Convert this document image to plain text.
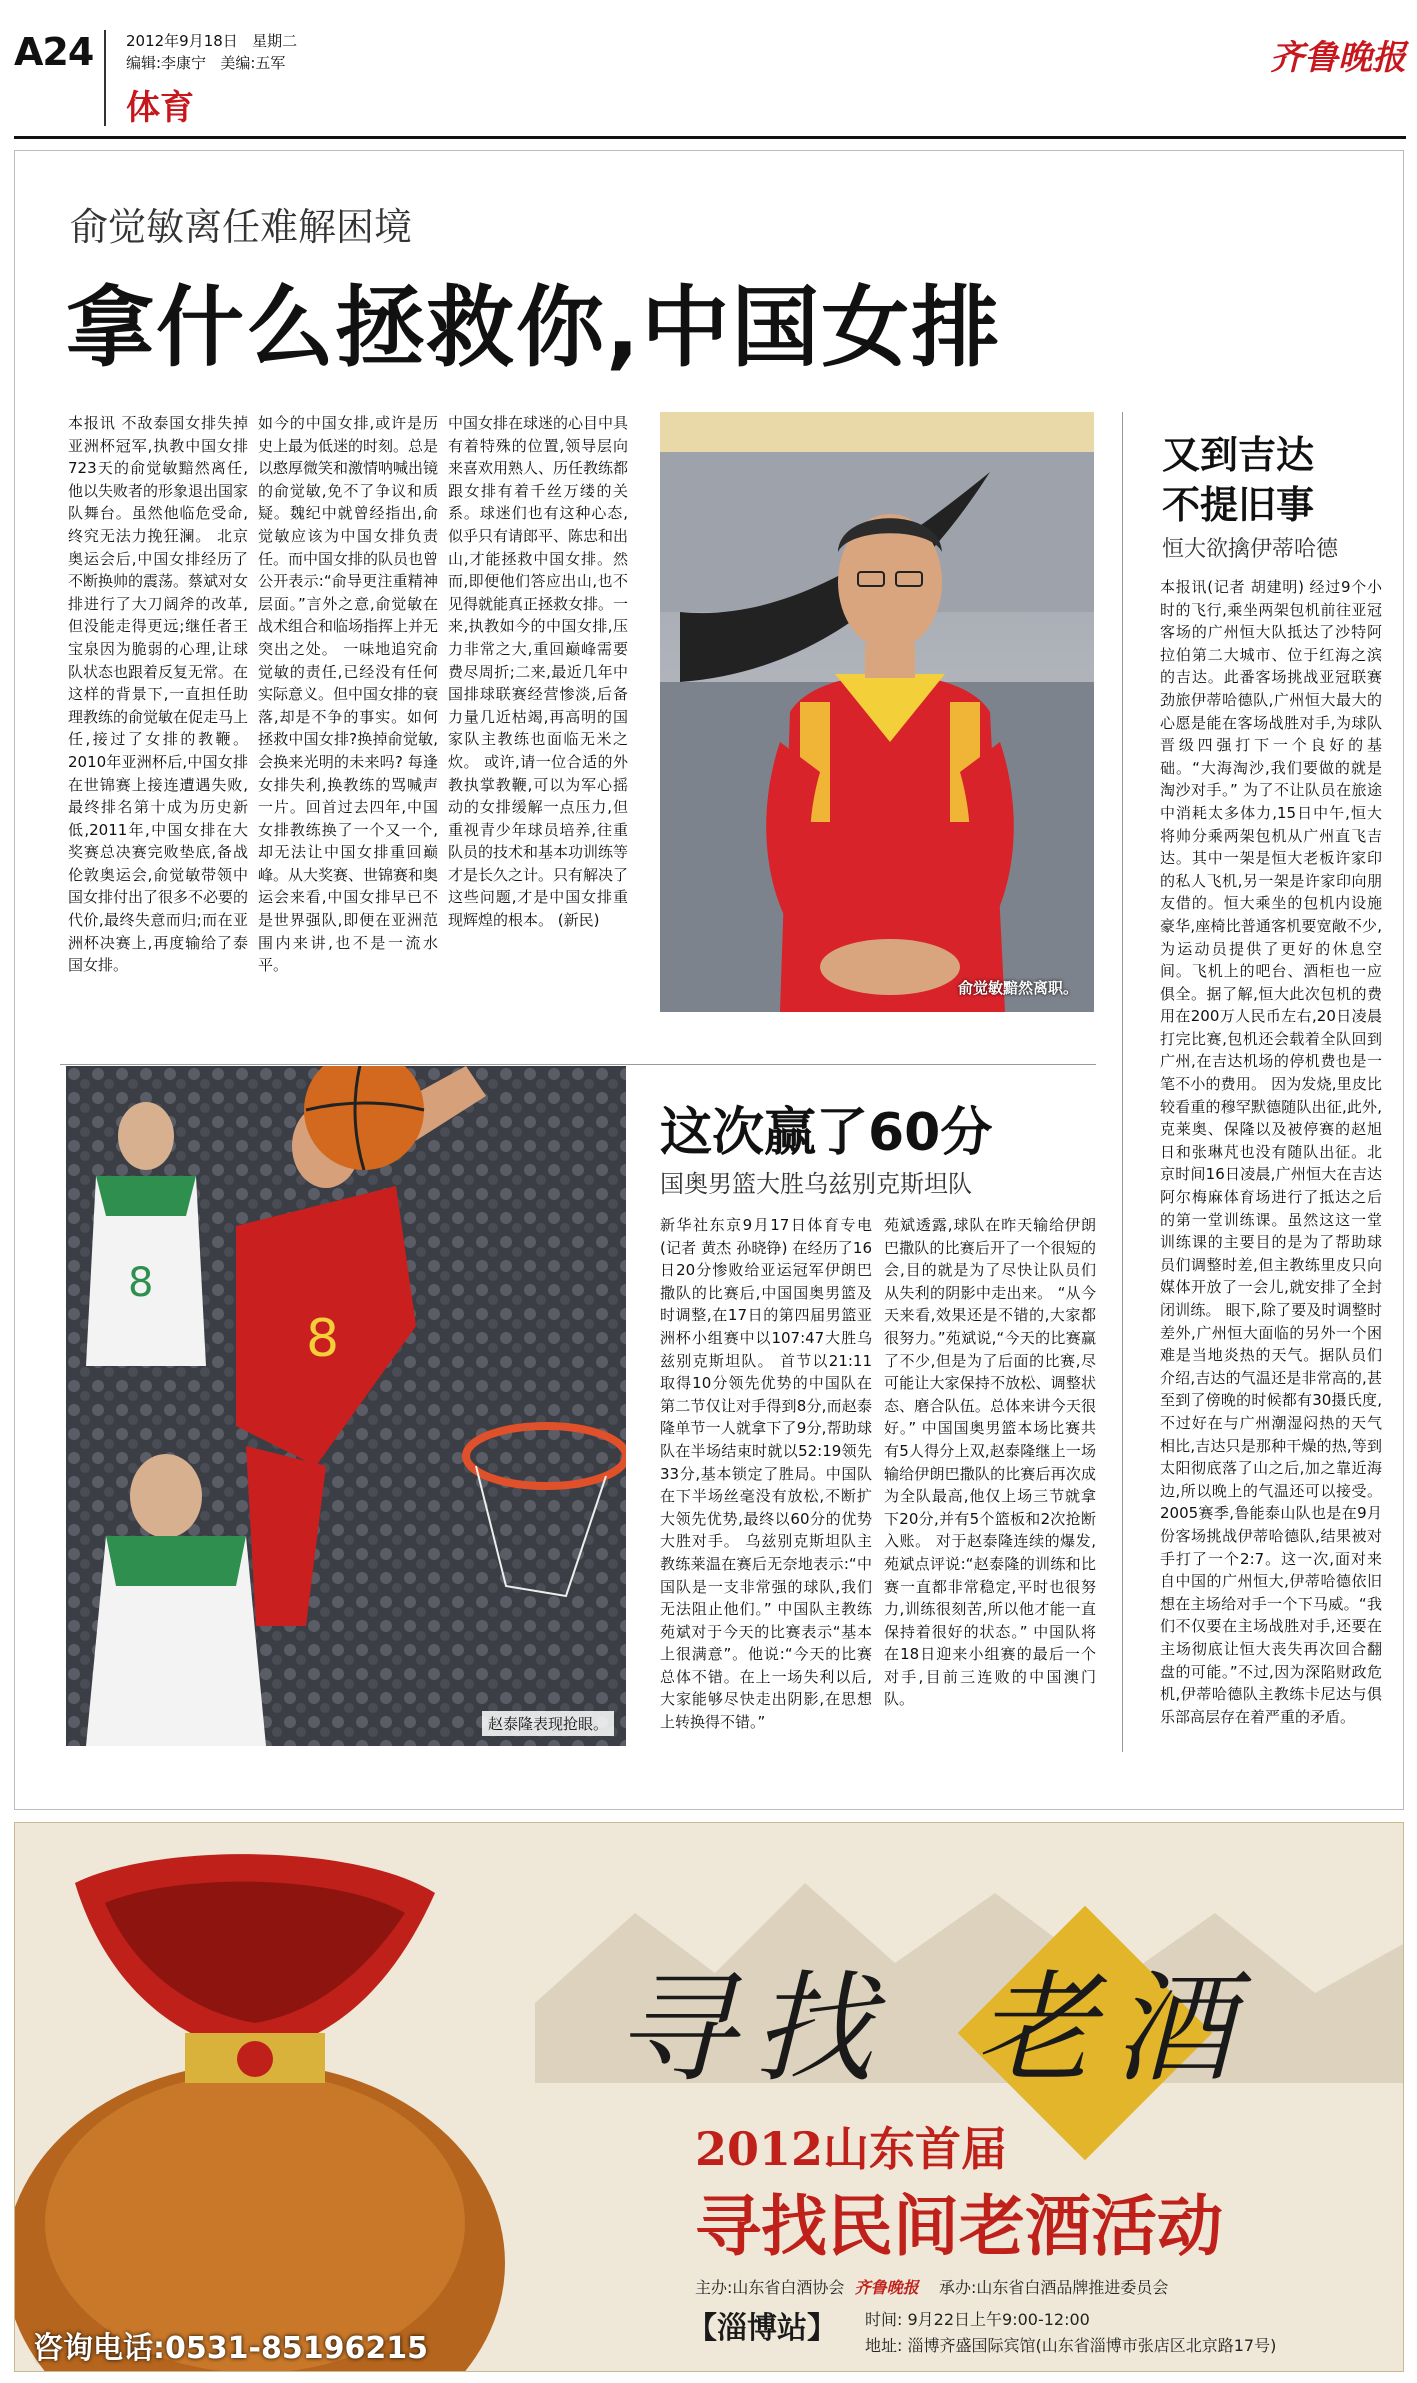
A24 2012年9月18日 星期二
编辑:李康宁 美编:五军
体育
齐鲁晚报
俞觉敏离任难解困境
拿什么拯救你,中国女排
本报讯 不敌泰国女排失掉亚洲杯冠军,执教中国女排723天的俞觉敏黯然离任,他以失败者的形象退出国家队舞台。虽然他临危受命,终究无法力挽狂澜。 北京奥运会后,中国女排经历了不断换帅的震荡。蔡斌对女排进行了大刀阔斧的改革,但没能走得更远;继任者王宝泉因为脆弱的心理,让球队状态也跟着反复无常。在这样的背景下,一直担任助理教练的俞觉敏在促走马上任,接过了女排的教鞭。 2010年亚洲杯后,中国女排在世锦赛上接连遭遇失败,最终排名第十成为历史新低,2011年,中国女排在大奖赛总决赛完败垫底,备战伦敦奥运会,俞觉敏带领中国女排付出了很多不必要的代价,最终失意而归;而在亚洲杯决赛上,再度输给了泰国女排。
如今的中国女排,或许是历史上最为低迷的时刻。总是以憨厚微笑和激情呐喊出镜的俞觉敏,免不了争议和质疑。魏纪中就曾经指出,俞觉敏应该为中国女排负责任。而中国女排的队员也曾公开表示:“俞导更注重精神层面。”言外之意,俞觉敏在战术组合和临场指挥上并无突出之处。 一味地追究俞觉敏的责任,已经没有任何实际意义。但中国女排的衰落,却是不争的事实。如何拯救中国女排?换掉俞觉敏,会换来光明的未来吗? 每逢女排失利,换教练的骂喊声一片。回首过去四年,中国女排教练换了一个又一个,却无法让中国女排重回巅峰。从大奖赛、世锦赛和奥运会来看,中国女排早已不是世界强队,即便在亚洲范围内来讲,也不是一流水平。
中国女排在球迷的心目中具有着特殊的位置,领导层向来喜欢用熟人、历任教练都跟女排有着千丝万缕的关系。球迷们也有这种心态,似乎只有请郎平、陈忠和出山,才能拯救中国女排。然而,即便他们答应出山,也不见得就能真正拯救女排。一来,执教如今的中国女排,压力非常之大,重回巅峰需要费尽周折;二来,最近几年中国排球联赛经营惨淡,后备力量几近枯竭,再高明的国家队主教练也面临无米之炊。 或许,请一位合适的外教执掌教鞭,可以为军心摇动的女排缓解一点压力,但重视青少年球员培养,往重队员的技术和基本功训练等才是长久之计。只有解决了这些问题,才是中国女排重现辉煌的根本。 (新民)
俞觉敏黯然离职。
又到吉达
不提旧事
恒大欲擒伊蒂哈德
本报讯(记者 胡建明) 经过9个小时的飞行,乘坐两架包机前往亚冠客场的广州恒大队抵达了沙特阿拉伯第二大城市、位于红海之滨的吉达。此番客场挑战亚冠联赛劲旅伊蒂哈德队,广州恒大最大的心愿是能在客场战胜对手,为球队晋级四强打下一个良好的基础。“大海淘沙,我们要做的就是淘沙对手。” 为了不让队员在旅途中消耗太多体力,15日中午,恒大将帅分乘两架包机从广州直飞吉达。其中一架是恒大老板许家印的私人飞机,另一架是许家印向朋友借的。恒大乘坐的包机内设施豪华,座椅比普通客机要宽敞不少,为运动员提供了更好的休息空间。飞机上的吧台、酒柜也一应俱全。据了解,恒大此次包机的费用在200万人民币左右,20日凌晨打完比赛,包机还会载着全队回到广州,在吉达机场的停机费也是一笔不小的费用。 因为发烧,里皮比较看重的穆罕默德随队出征,此外,克莱奥、保隆以及被停赛的赵旭日和张琳芃也没有随队出征。北京时间16日凌晨,广州恒大在吉达阿尔梅麻体育场进行了抵达之后的第一堂训练课。虽然这这一堂训练课的主要目的是为了帮助球员们调整时差,但主教练里皮只向媒体开放了一会儿,就安排了全封闭训练。 眼下,除了要及时调整时差外,广州恒大面临的另外一个困难是当地炎热的天气。据队员们介绍,吉达的气温还是非常高的,甚至到了傍晚的时候都有30摄氏度,不过好在与广州潮湿闷热的天气相比,吉达只是那种干燥的热,等到太阳彻底落了山之后,加之靠近海边,所以晚上的气温还可以接受。 2005赛季,鲁能泰山队也是在9月份客场挑战伊蒂哈德队,结果被对手打了一个2:7。这一次,面对来自中国的广州恒大,伊蒂哈德依旧想在主场给对手一个下马威。“我们不仅要在主场战胜对手,还要在主场彻底让恒大丧失再次回合翻盘的可能。”不过,因为深陷财政危机,伊蒂哈德队主教练卡尼达与俱乐部高层存在着严重的矛盾。
8
8
赵泰隆表现抢眼。
这次赢了60分
国奥男篮大胜乌兹别克斯坦队
新华社东京9月17日体育专电(记者 黄杰 孙晓铮) 在经历了16日20分惨败给亚运冠军伊朗巴撒队的比赛后,中国国奥男篮及时调整,在17日的第四届男篮亚洲杯小组赛中以107:47大胜乌兹别克斯坦队。 首节以21:11取得10分领先优势的中国队在第二节仅让对手得到8分,而赵泰隆单节一人就拿下了9分,帮助球队在半场结束时就以52:19领先33分,基本锁定了胜局。中国队在下半场丝毫没有放松,不断扩大领先优势,最终以60分的优势大胜对手。 乌兹别克斯坦队主教练莱温在赛后无奈地表示:“中国队是一支非常强的球队,我们无法阻止他们。” 中国队主教练苑斌对于今天的比赛表示“基本上很满意”。他说:“今天的比赛总体不错。在上一场失利以后,大家能够尽快走出阴影,在思想上转换得不错。”
苑斌透露,球队在昨天输给伊朗巴撒队的比赛后开了一个很短的会,目的就是为了尽快让队员们从失利的阴影中走出来。 “从今天来看,效果还是不错的,大家都很努力。”苑斌说,“今天的比赛赢了不少,但是为了后面的比赛,尽可能让大家保持不放松、调整状态、磨合队伍。总体来讲今天很好。” 中国国奥男篮本场比赛共有5人得分上双,赵泰隆继上一场输给伊朗巴撒队的比赛后再次成为全队最高,他仅上场三节就拿下20分,并有5个篮板和2次抢断入账。 对于赵泰隆连续的爆发,苑斌点评说:“赵泰隆的训练和比赛一直都非常稳定,平时也很努力,训练很刻苦,所以他才能一直保持着很好的状态。” 中国队将在18日迎来小组赛的最后一个对手,目前三连败的中国澳门队。
寻找 老酒
2012山东首届
寻找民间老酒活动
主办:山东省白酒协会 齐鲁晚报 承办:山东省白酒品牌推进委员会
【淄博站】 时间: 9月22日上午9:00-12:00
地址: 淄博齐盛国际宾馆(山东省淄博市张店区北京路17号)
咨询电话:0531-85196215
